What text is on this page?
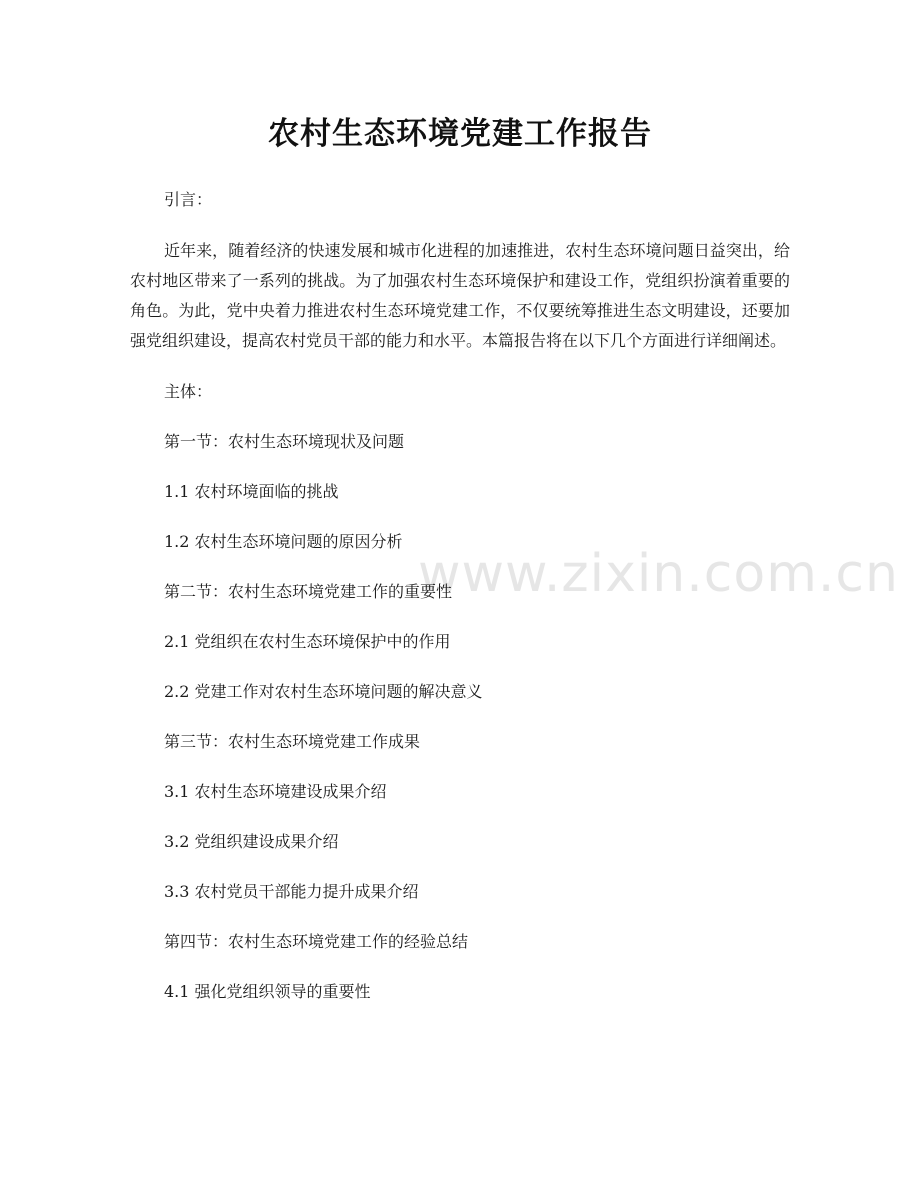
农村生态环境党建工作报告
www.zixin.com.cn

引言：

近年来，随着经济的快速发展和城市化进程的加速推进，农村生态环境问题日益突出，给农村地区带来了一系列的挑战。为了加强农村生态环境保护和建设工作，党组织扮演着重要的角色。为此，党中央着力推进农村生态环境党建工作，不仅要统筹推进生态文明建设，还要加强党组织建设，提高农村党员干部的能力和水平。本篇报告将在以下几个方面进行详细阐述。

主体：

第一节：农村生态环境现状及问题
1.1 农村环境面临的挑战
1.2 农村生态环境问题的原因分析
第二节：农村生态环境党建工作的重要性
2.1 党组织在农村生态环境保护中的作用
2.2 党建工作对农村生态环境问题的解决意义
第三节：农村生态环境党建工作成果
3.1 农村生态环境建设成果介绍
3.2 党组织建设成果介绍
3.3 农村党员干部能力提升成果介绍
第四节：农村生态环境党建工作的经验总结
4.1 强化党组织领导的重要性
